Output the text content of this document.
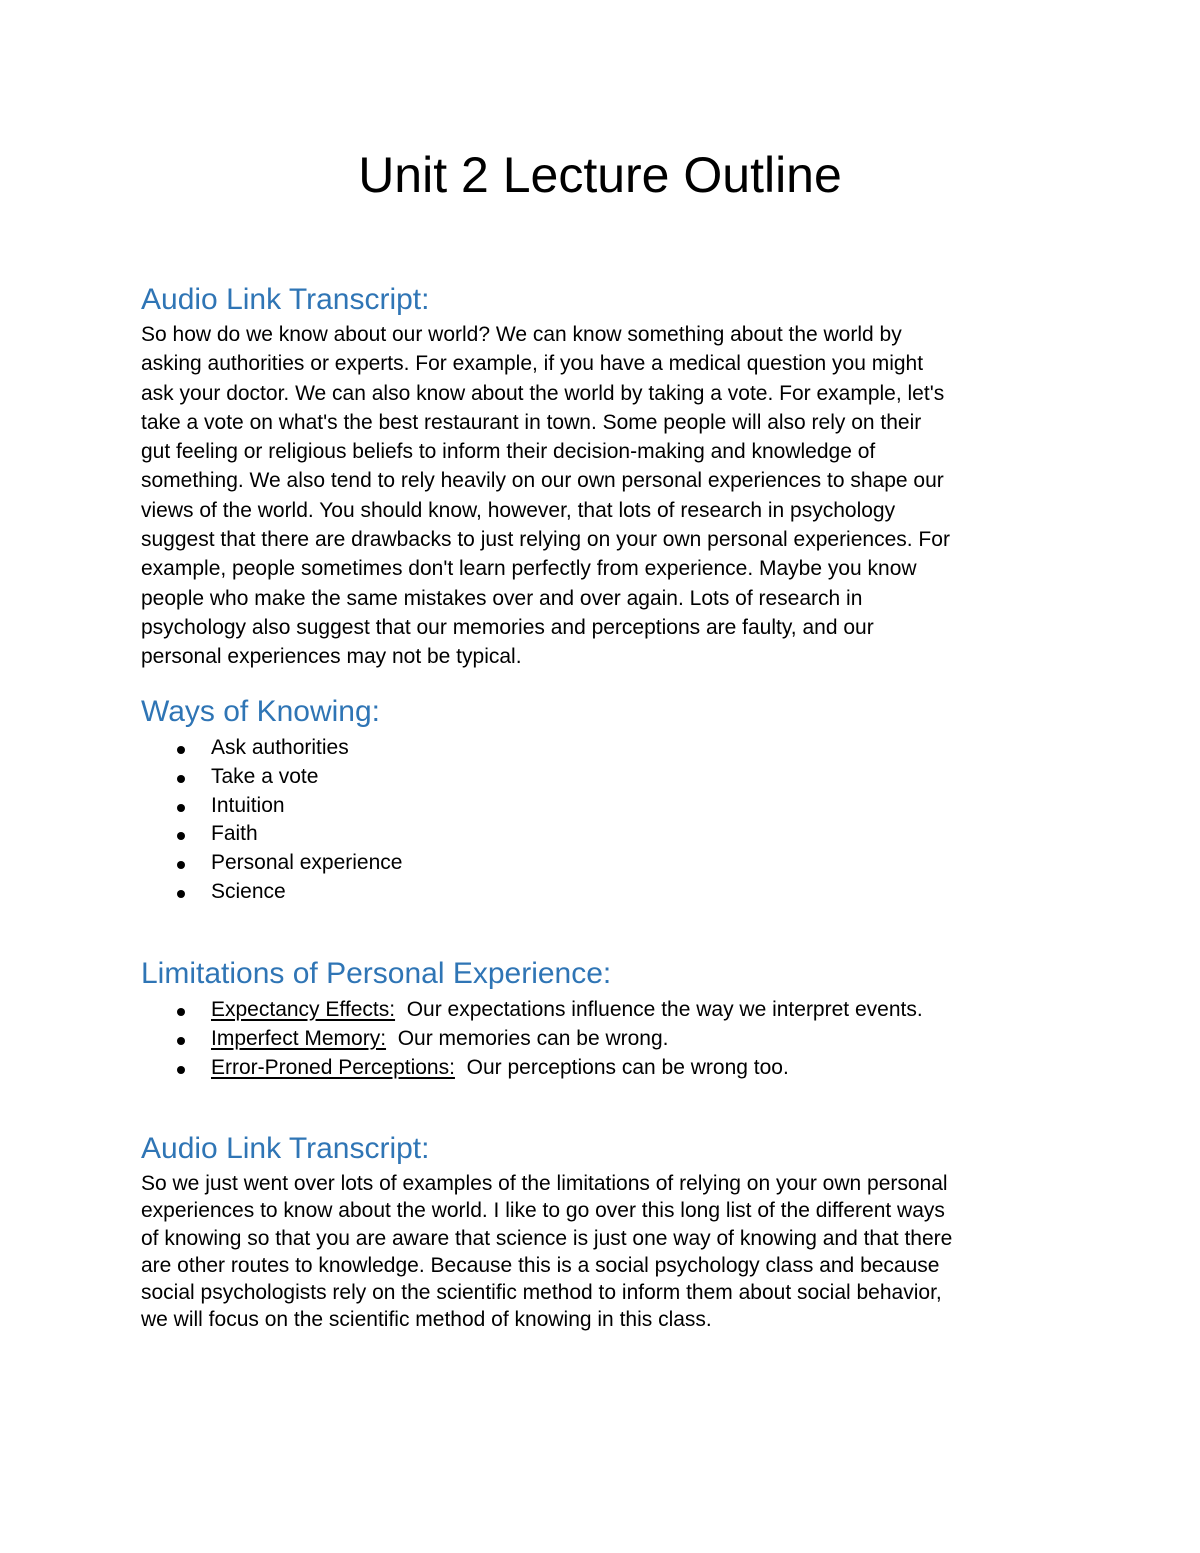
Unit 2 Lecture Outline
Audio Link Transcript:
So how do we know about our world? We can know something about the world by
asking authorities or experts. For example, if you have a medical question you might
ask your doctor. We can also know about the world by taking a vote. For example, let's
take a vote on what's the best restaurant in town. Some people will also rely on their
gut feeling or religious beliefs to inform their decision-making and knowledge of
something. We also tend to rely heavily on our own personal experiences to shape our
views of the world. You should know, however, that lots of research in psychology
suggest that there are drawbacks to just relying on your own personal experiences. For
example, people sometimes don't learn perfectly from experience. Maybe you know
people who make the same mistakes over and over again. Lots of research in
psychology also suggest that our memories and perceptions are faulty, and our
personal experiences may not be typical.
Ways of Knowing:
Ask authorities
Take a vote
Intuition
Faith
Personal experience
Science
Limitations of Personal Experience:
Expectancy Effects:  Our expectations influence the way we interpret events.
Imperfect Memory:  Our memories can be wrong.
Error-Proned Perceptions:  Our perceptions can be wrong too.
Audio Link Transcript:
So we just went over lots of examples of the limitations of relying on your own personal
experiences to know about the world. I like to go over this long list of the different ways
of knowing so that you are aware that science is just one way of knowing and that there
are other routes to knowledge. Because this is a social psychology class and because
social psychologists rely on the scientific method to inform them about social behavior,
we will focus on the scientific method of knowing in this class.
